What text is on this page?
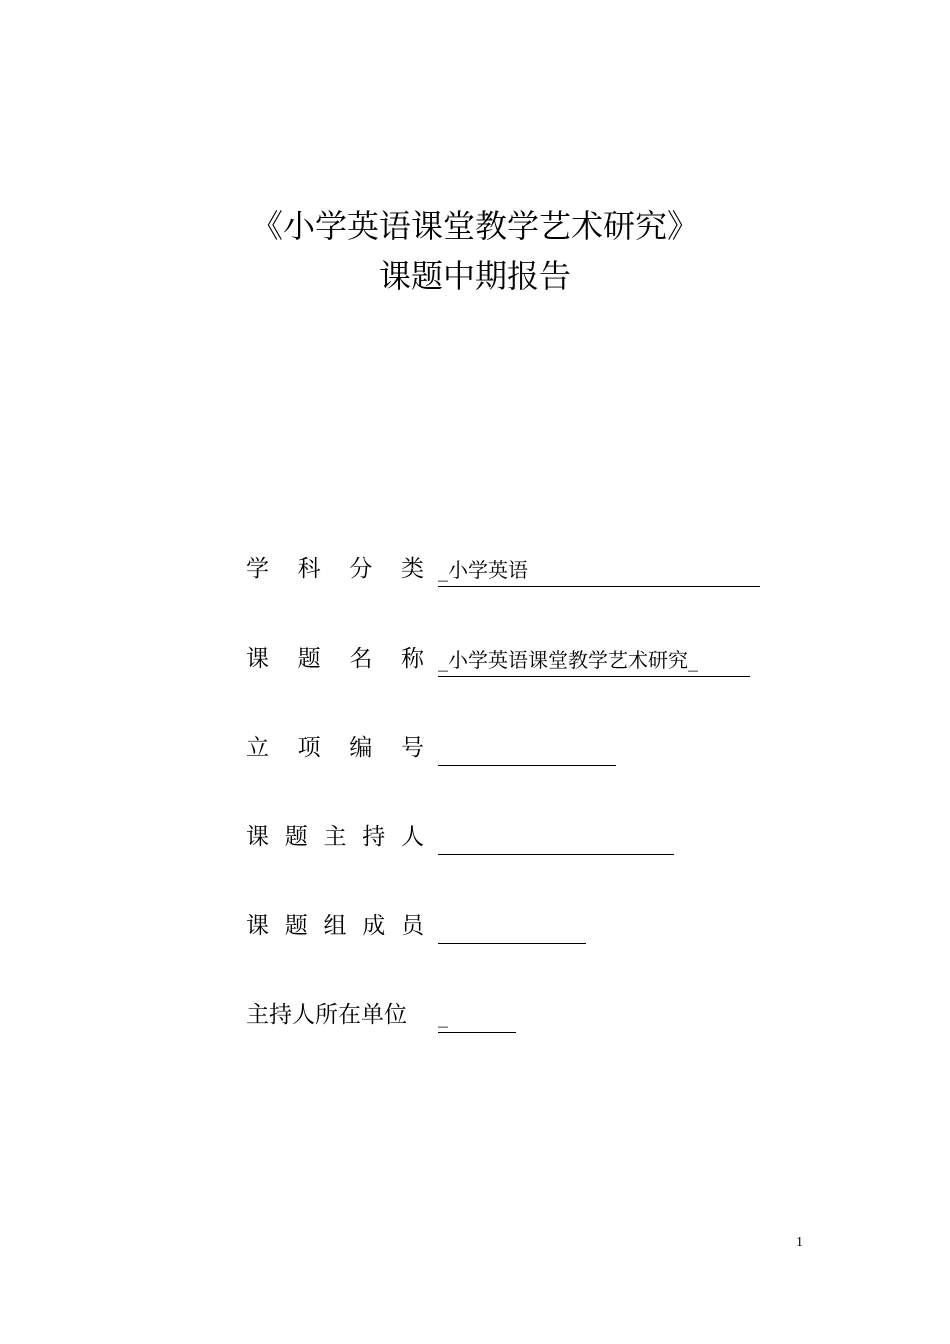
《小学英语课堂教学艺术研究》
课题中期报告
学 科 分 类 _小学英语
课 题 名 称 _小学英语课堂教学艺术研究_
立 项 编 号
课 题 主 持 人
课 题 组 成 员
主持人所在单位 _
1
